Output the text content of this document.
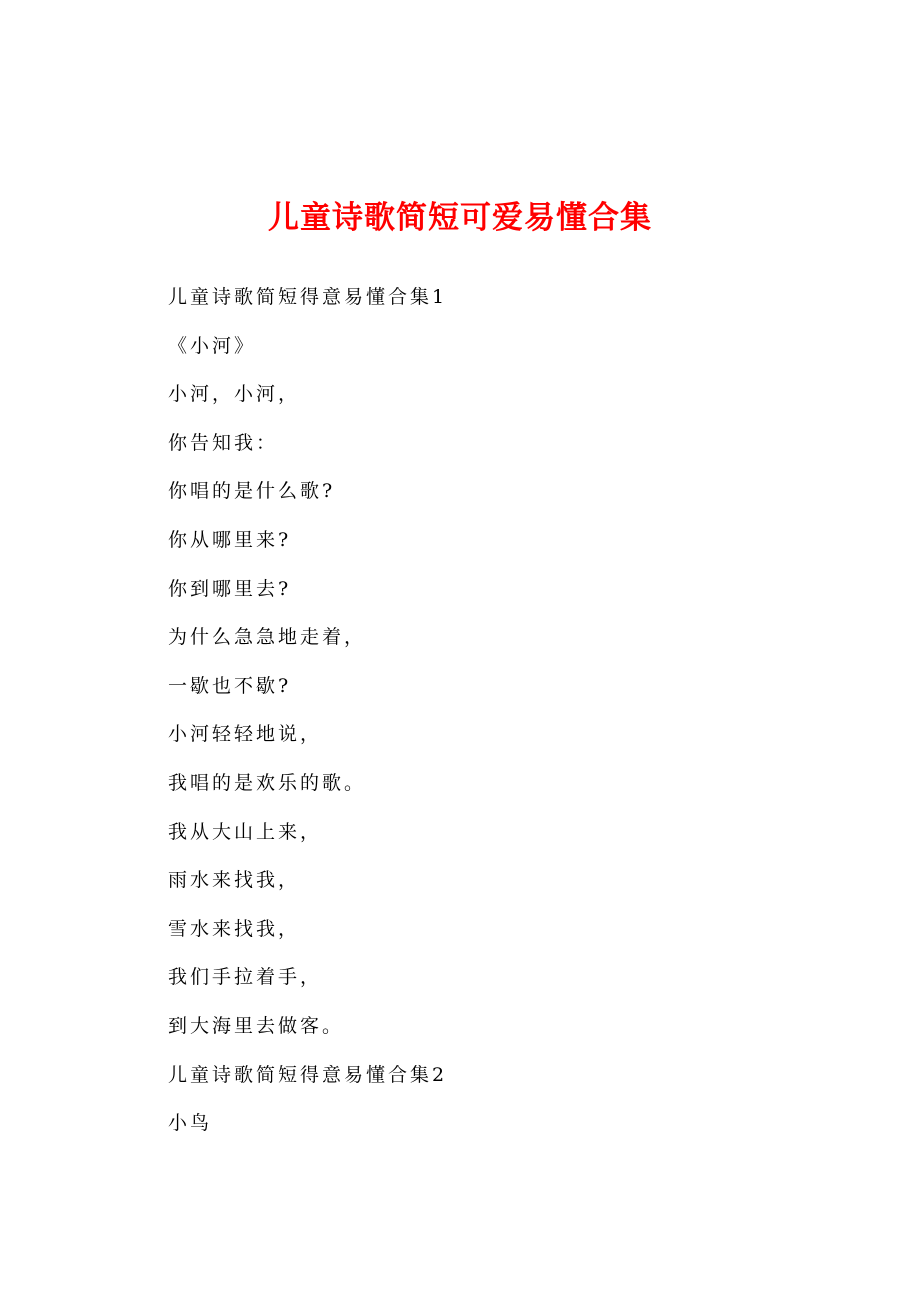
儿童诗歌简短可爱易懂合集
儿童诗歌简短得意易懂合集1
《小河》
小河，小河，
你告知我：
你唱的是什么歌?
你从哪里来?
你到哪里去?
为什么急急地走着，
一歇也不歇?
小河轻轻地说，
我唱的是欢乐的歌。
我从大山上来，
雨水来找我，
雪水来找我，
我们手拉着手，
到大海里去做客。
儿童诗歌简短得意易懂合集2
小鸟
